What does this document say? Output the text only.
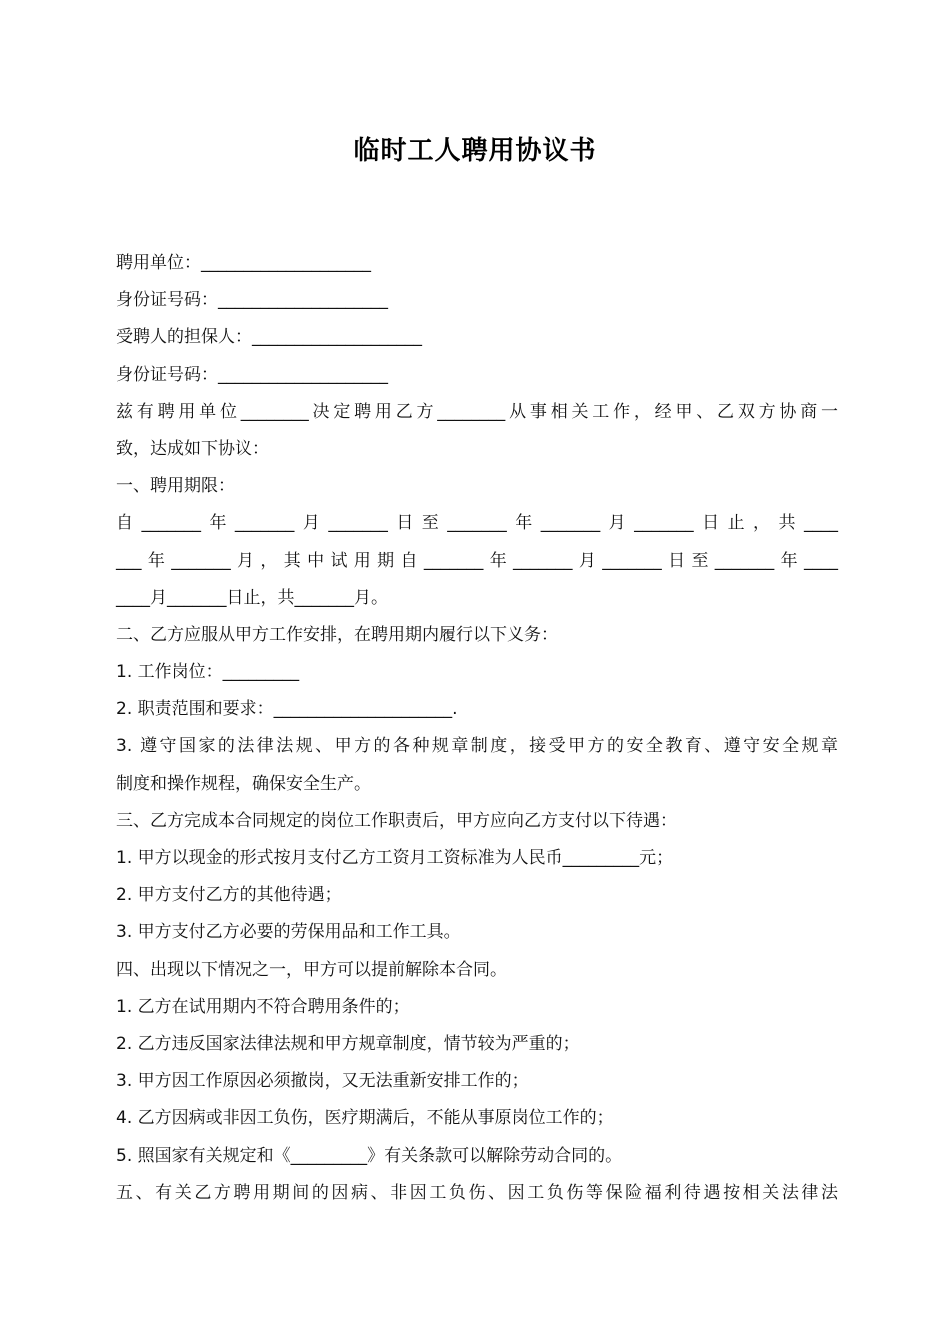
临时工人聘用协议书
聘用单位：____________________
身份证号码：____________________
受聘人的担保人：____________________
身份证号码：____________________
兹有聘用单位________决定聘用乙方________从事相关工作，经甲、乙双方协商一
致，达成如下协议：
一、聘用期限：
自_______年_______月_______日至_______年_______月_______日止，共____
___年_______月，其中试用期自_______年_______月_______日至_______年____
____月_______日止，共_______月。
二、乙方应服从甲方工作安排，在聘用期内履行以下义务：
1. 工作岗位：_________
2. 职责范围和要求：_____________________.
3. 遵守国家的法律法规、甲方的各种规章制度，接受甲方的安全教育、遵守安全规章
制度和操作规程，确保安全生产。
三、乙方完成本合同规定的岗位工作职责后，甲方应向乙方支付以下待遇：
1. 甲方以现金的形式按月支付乙方工资月工资标准为人民币_________元；
2. 甲方支付乙方的其他待遇；
3. 甲方支付乙方必要的劳保用品和工作工具。
四、出现以下情况之一，甲方可以提前解除本合同。
1. 乙方在试用期内不符合聘用条件的；
2. 乙方违反国家法律法规和甲方规章制度，情节较为严重的；
3. 甲方因工作原因必须撤岗，又无法重新安排工作的；
4. 乙方因病或非因工负伤，医疗期满后，不能从事原岗位工作的；
5. 照国家有关规定和《_________》有关条款可以解除劳动合同的。
五、有关乙方聘用期间的因病、非因工负伤、因工负伤等保险福利待遇按相关法律法
